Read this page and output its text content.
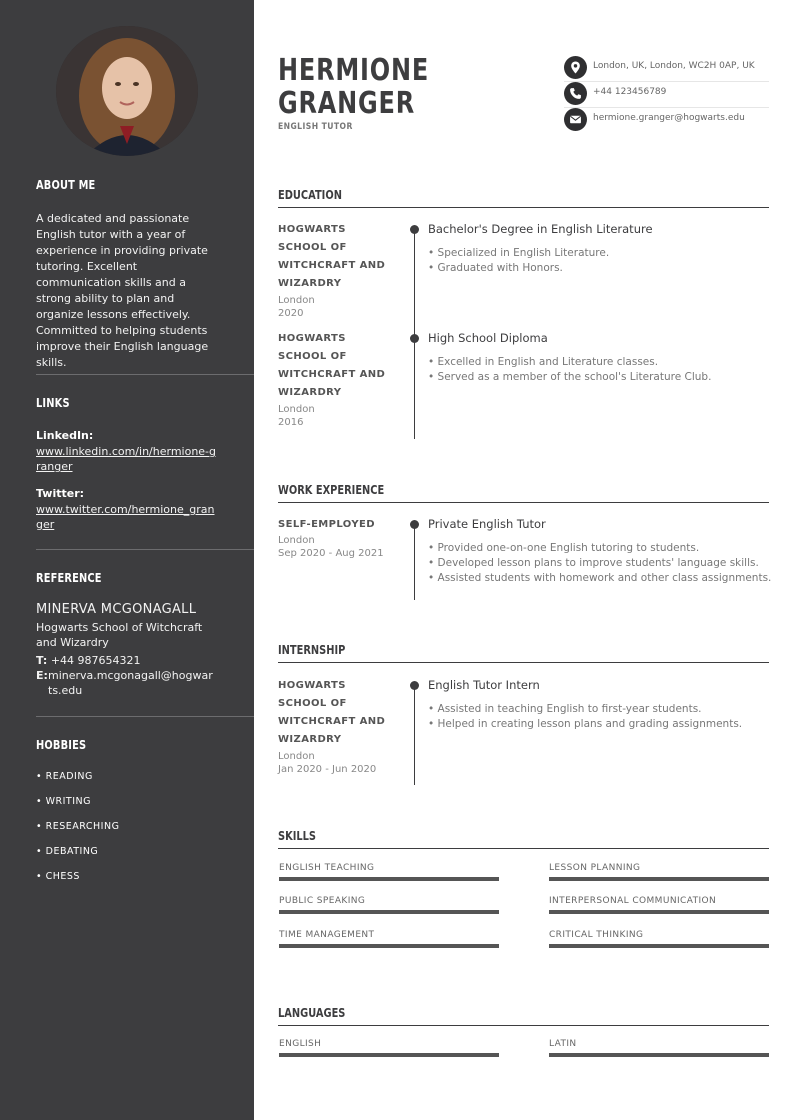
ABOUT ME
A dedicated and passionate English tutor with a year of experience in providing private tutoring. Excellent communication skills and a strong ability to plan and organize lessons effectively. Committed to helping students improve their English language skills.
LINKS
LinkedIn:
www.linkedin.com/in/hermione-granger
Twitter:
www.twitter.com/hermione_granger
REFERENCE
MINERVA MCGONAGALL
Hogwarts School of Witchcraft and Wizardry
T: +44 987654321
E: minerva.mcgonagall@hogwarts.edu
HOBBIES
• READING
• WRITING
• RESEARCHING
• DEBATING
• CHESS
HERMIONE
GRANGER
ENGLISH TUTOR
London, UK, London, WC2H 0AP, UK
+44 123456789
hermione.granger@hogwarts.edu
EDUCATION
HOGWARTS SCHOOL OF WITCHCRAFT AND WIZARDRY
London
2020
Bachelor's Degree in English Literature
• Specialized in English Literature.
• Graduated with Honors.
HOGWARTS SCHOOL OF WITCHCRAFT AND WIZARDRY
London
2016
High School Diploma
• Excelled in English and Literature classes.
• Served as a member of the school's Literature Club.
WORK EXPERIENCE
SELF-EMPLOYED
London
Sep 2020 - Aug 2021
Private English Tutor
• Provided one-on-one English tutoring to students.
• Developed lesson plans to improve students' language skills.
• Assisted students with homework and other class assignments.
INTERNSHIP
HOGWARTS SCHOOL OF WITCHCRAFT AND WIZARDRY
London
Jan 2020 - Jun 2020
English Tutor Intern
• Assisted in teaching English to first-year students.
• Helped in creating lesson plans and grading assignments.
SKILLS
ENGLISH TEACHING	LESSON PLANNING
PUBLIC SPEAKING	INTERPERSONAL COMMUNICATION
TIME MANAGEMENT	CRITICAL THINKING
LANGUAGES
ENGLISH	LATIN
